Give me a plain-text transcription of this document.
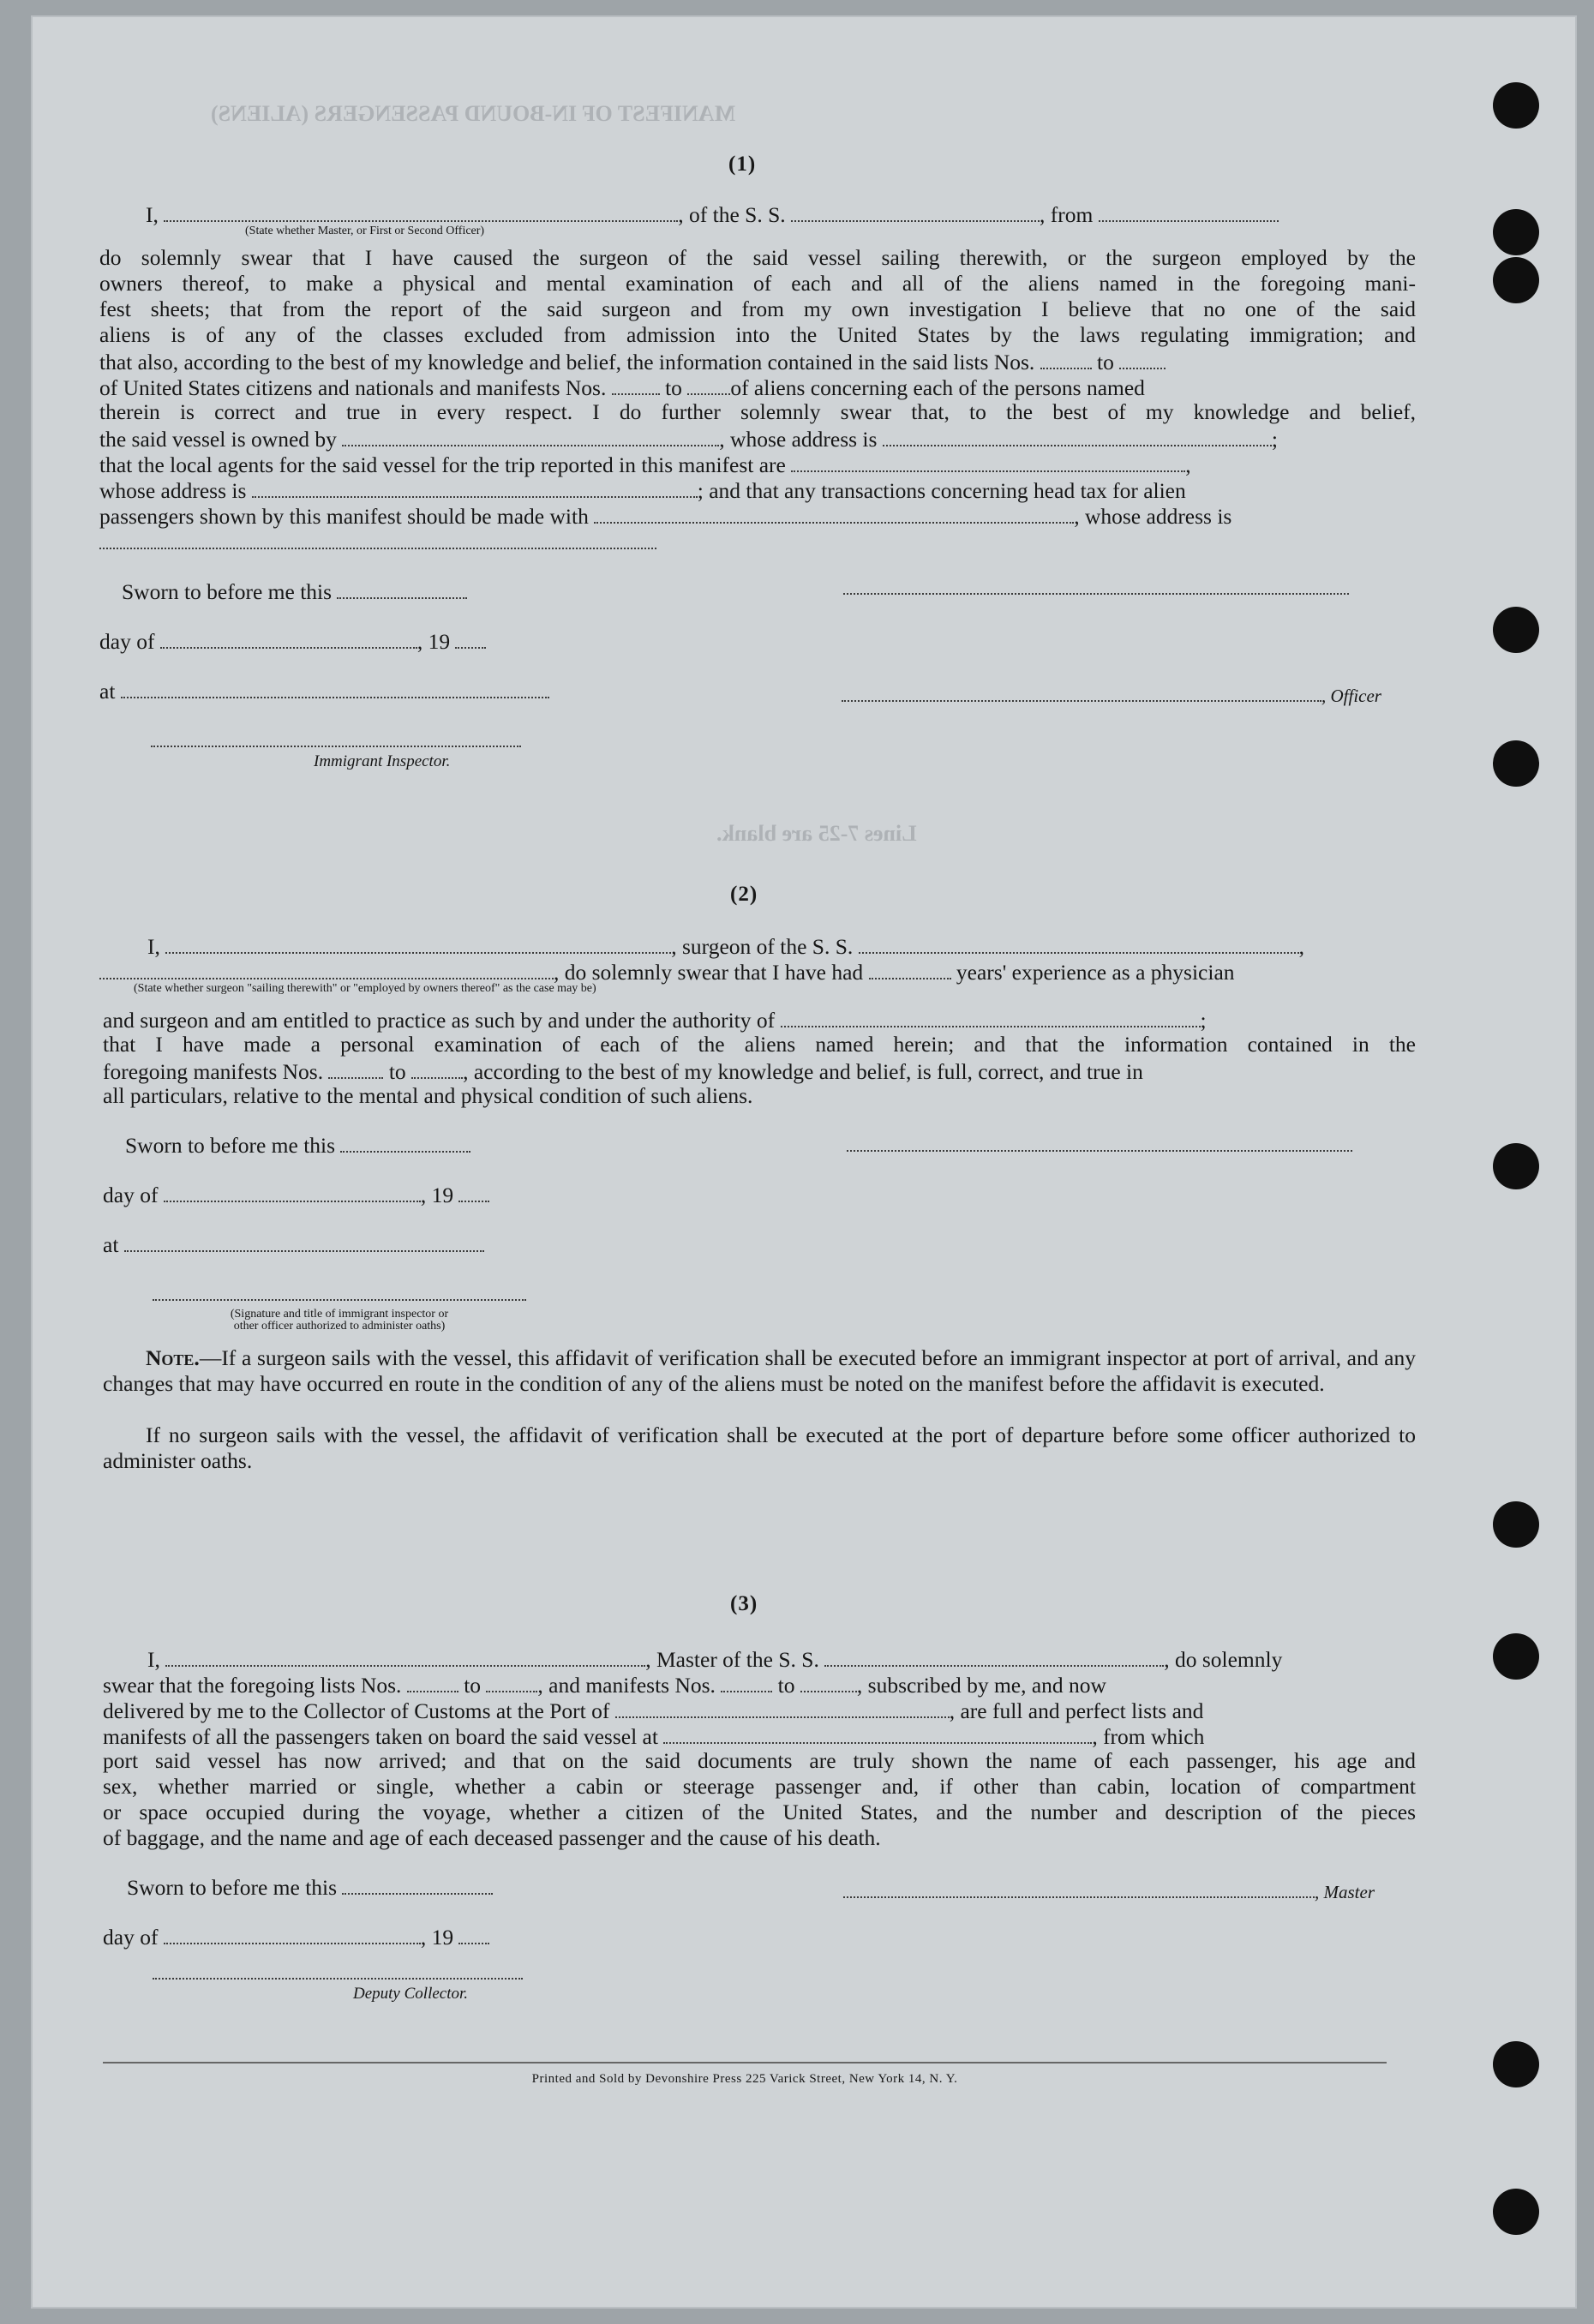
MANIFEST OF IN-BOUND PASSENGERS (ALIENS)
Lines 7-25 are blank.
(1)
I,	, of the S. S.	, from
(State whether Master, or First or Second Officer)

do solemnly swear that I have caused the surgeon of the said vessel sailing therewith, or the surgeon employed by the

owners thereof, to make a physical and mental examination of each and all of the aliens named in the foregoing mani-

fest sheets; that from the report of the said surgeon and from my own investigation I believe that no one of the said

aliens is of any of the classes excluded from admission into the United States by the laws regulating immigration; and

that also, according to the best of my knowledge and belief, the information contained in the said lists Nos.	to
of United States citizens and nationals and manifests Nos.	to of aliens concerning each of the persons named

therein is correct and true in every respect. I do further solemnly swear that, to the best of my knowledge and belief,

the said vessel is owned by	, whose address is	;
that the local agents for the said vessel for the trip reported in this manifest are	,
whose address is	; and that any transactions concerning head tax for alien
passengers shown by this manifest should be made with	, whose address is
Sworn to before me this
day of	, 19
at	, Officer
Immigrant Inspector.
(2)
I,	, surgeon of the S. S.	,
, do solemnly swear that I have had	years' experience as a physician
(State whether surgeon "sailing therewith" or "employed by owners thereof" as the case may be)
and surgeon and am entitled to practice as such by and under the authority of	;

that I have made a personal examination of each of the aliens named herein; and that the information contained in the

foregoing manifests Nos.	to	, according to the best of my knowledge and belief, is full, correct, and true in
all particulars, relative to the mental and physical condition of such aliens.
Sworn to before me this
day of	, 19
at
(Signature and title of immigrant inspector or
other officer authorized to administer oaths)

Note.—If a surgeon sails with the vessel, this affidavit of verification shall be executed before an immigrant inspector at port of arrival, and any changes that may have occurred en route in the condition of any of the aliens must be noted on the manifest before the affidavit is executed.

If no surgeon sails with the vessel, the affidavit of verification shall be executed at the port of departure before some officer authorized to administer oaths.

(3)
I,	, Master of the S. S.	, do solemnly
swear that the foregoing lists Nos.	to	, and manifests Nos.	to	, subscribed by me, and now
delivered by me to the Collector of Customs at the Port of	, are full and perfect lists and
manifests of all the passengers taken on board the said vessel at	, from which

port said vessel has now arrived; and that on the said documents are truly shown the name of each passenger, his age and

sex, whether married or single, whether a cabin or steerage passenger and, if other than cabin, location of compartment

or space occupied during the voyage, whether a citizen of the United States, and the number and description of the pieces

of baggage, and the name and age of each deceased passenger and the cause of his death.

Sworn to before me this	, Master
day of	, 19
Deputy Collector.
Printed and Sold by Devonshire Press 225 Varick Street, New York 14, N. Y.
